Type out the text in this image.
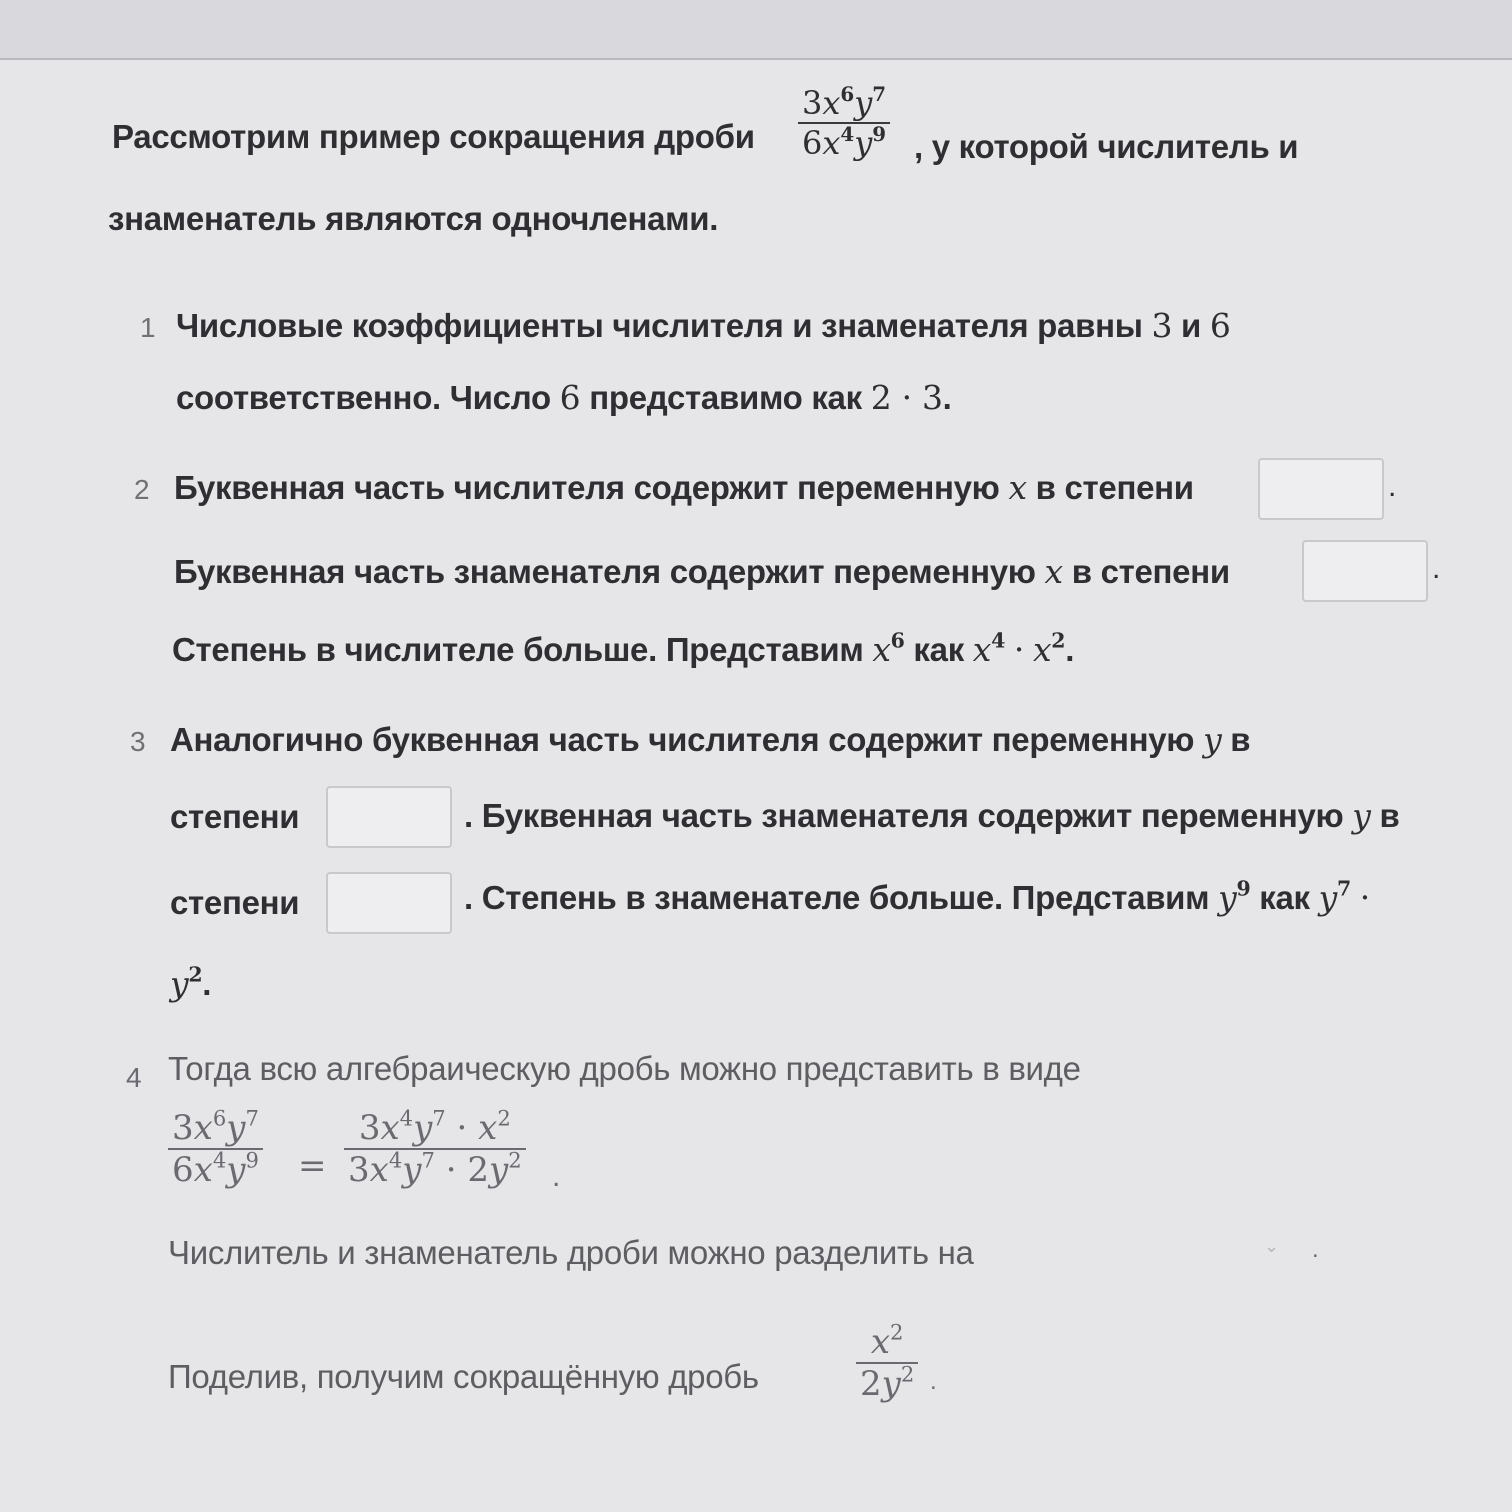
Рассмотрим пример сокращения дроби
$3x^6y^7$
$6x^4y^9$ , у которой числитель и
знаменатель являются одночленами.
1 Числовые коэффициенты числителя и знаменателя равны 3 и 6
соответственно. Число 6 представимо как 2 · 3.
2 Буквенная часть числителя содержит переменную x в степени	.
Буквенная часть знаменателя содержит переменную x в степени	.
Степень в числителе больше. Представим $x^6$ как $x^4 \cdot x^2$.
3 Аналогично буквенная часть числителя содержит переменную y в
степени	. Буквенная часть знаменателя содержит переменную y в
степени	. Степень в знаменателе больше. Представим $y^9$ как $y^7$ ·
$y^2$.
4 Тогда всю алгебраическую дробь можно представить в виде
$3x^6y^7$
$6x^4y^9$ =
$3x^4y^7 \cdot x^2$
$3x^4y^7 \cdot 2y^2$
.
Числитель и знаменатель дроби можно разделить на	⌄ .
Поделив, получим сокращённую дробь
$x^2$
$2y^2$ .
